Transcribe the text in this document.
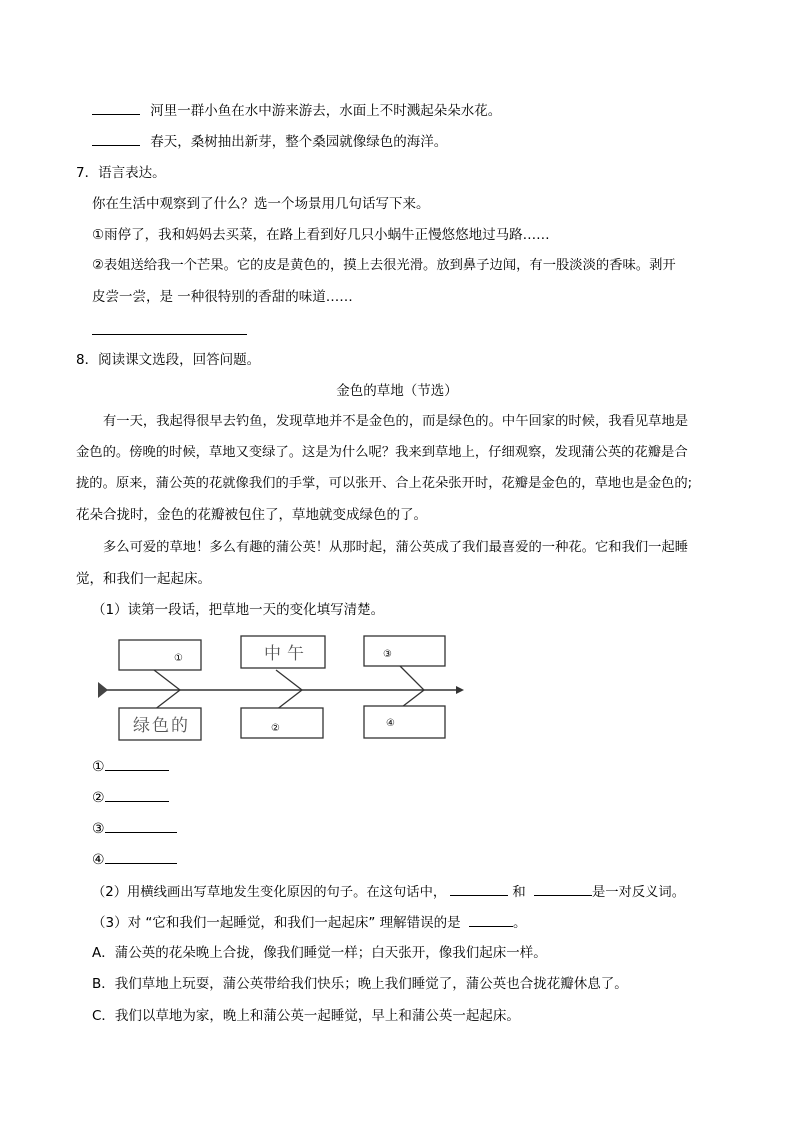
河里一群小鱼在水中游来游去，水面上不时溅起朵朵水花。
春天，桑树抽出新芽，整个桑园就像绿色的海洋。
7．语言表达。
你在生活中观察到了什么？选一个场景用几句话写下来。
①雨停了，我和妈妈去买菜，在路上看到好几只小蜗牛正慢悠悠地过马路……
②表姐送给我一个芒果。它的皮是黄色的，摸上去很光滑。放到鼻子边闻，有一股淡淡的香味。剥开
皮尝一尝，是 一种很特别的香甜的味道……
8．阅读课文选段，回答问题。
金色的草地（节选）
有一天，我起得很早去钓鱼，发现草地并不是金色的，而是绿色的。中午回家的时候，我看见草地是
金色的。傍晚的时候，草地又变绿了。这是为什么呢？我来到草地上，仔细观察，发现蒲公英的花瓣是合
拢的。原来，蒲公英的花就像我们的手掌，可以张开、合上花朵张开时，花瓣是金色的，草地也是金色的;
花朵合拢时，金色的花瓣被包住了，草地就变成绿色的了。
多么可爱的草地！多么有趣的蒲公英！从那时起，蒲公英成了我们最喜爱的一种花。它和我们一起睡
觉，和我们一起起床。
（1）读第一段话，把草地一天的变化填写清楚。
①	中午	③
绿色的	②	④
①
②
③
④
（2）用横线画出写草地发生变化原因的句子。在这句话中，	和	是一对反义词。
（3）对 “它和我们一起睡觉，和我们一起起床” 理解错误的是	。
A．蒲公英的花朵晚上合拢，像我们睡觉一样；白天张开，像我们起床一样。
B．我们草地上玩耍，蒲公英带给我们快乐；晚上我们睡觉了，蒲公英也合拢花瓣休息了。
C．我们以草地为家，晚上和蒲公英一起睡觉，早上和蒲公英一起起床。
